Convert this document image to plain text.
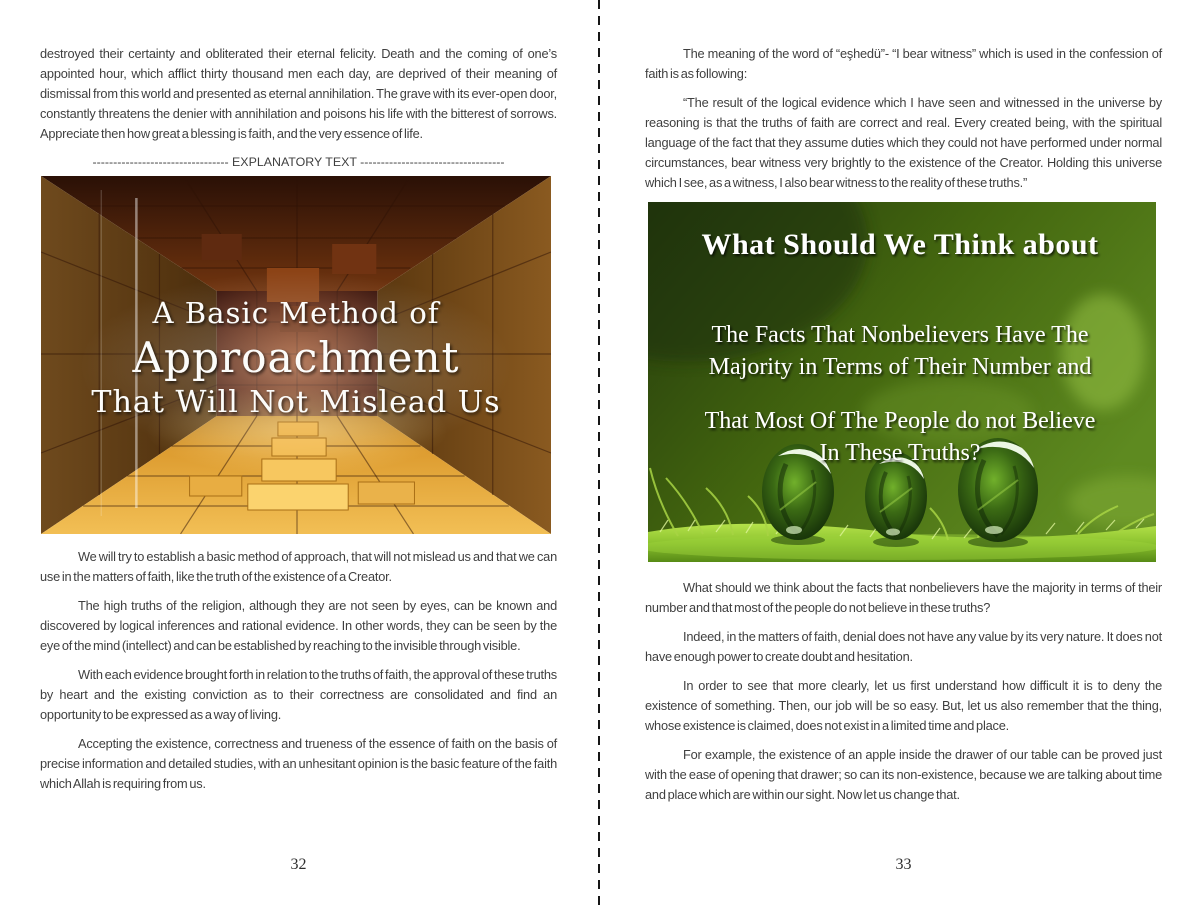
destroyed their certainty and obliterated their eternal felicity. Death and the coming of one’s appointed hour, which afflict thirty thousand men each day, are deprived of their meaning of dismissal from this world and presented as eternal annihilation. The grave with its ever-open door, constantly threatens the denier with annihilation and poisons his life with the bitterest of sorrows. Appreciate then how great a blessing is faith, and the very essence of life.

--------------------------------- EXPLANATORY TEXT -----------------------------------
A Basic Method of
Approachment
That Will Not Mislead Us

We will try to establish a basic method of approach, that will not mislead us and that we can use in the matters of faith, like the truth of the existence of a Creator.

The high truths of the religion, although they are not seen by eyes, can be known and discovered by logical inferences and rational evidence. In other words, they can be seen by the eye of the mind (intellect) and can be established by reaching to the invisible through visible.

With each evidence brought forth in relation to the truths of faith, the approval of these truths by heart and the existing conviction as to their correctness are consolidated and find an opportunity to be expressed as a way of living.

Accepting the existence, correctness and trueness of the essence of faith on the basis of precise information and detailed studies, with an unhesitant opinion is the basic feature of the faith which Allah is requiring from us.

32

The meaning of the word of “eşhedü”- “I bear witness” which is used in the confession of faith is as following:

“The result of the logical evidence which I have seen and witnessed in the universe by reasoning is that the truths of faith are correct and real. Every created being, with the spiritual language of the fact that they assume duties which they could not have performed under normal circumstances, bear witness very brightly to the existence of the Creator. Holding this universe which I see, as a witness, I also bear witness to the reality of these truths.”

What Should We Think about
The Facts That Nonbelievers Have The
Majority in Terms of Their Number and
That Most Of The People do not Believe
In These Truths?

What should we think about the facts that nonbelievers have the majority in terms of their number and that most of the people do not believe in these truths?

Indeed, in the matters of faith, denial does not have any value by its very nature. It does not have enough power to create doubt and hesitation.

In order to see that more clearly, let us first understand how difficult it is to deny the existence of something. Then, our job will be so easy. But, let us also remember that the thing, whose existence is claimed, does not exist in a limited time and place.

For example, the existence of an apple inside the drawer of our table can be proved just with the ease of opening that drawer; so can its non-existence, because we are talking about time and place which are within our sight. Now let us change that.

33
